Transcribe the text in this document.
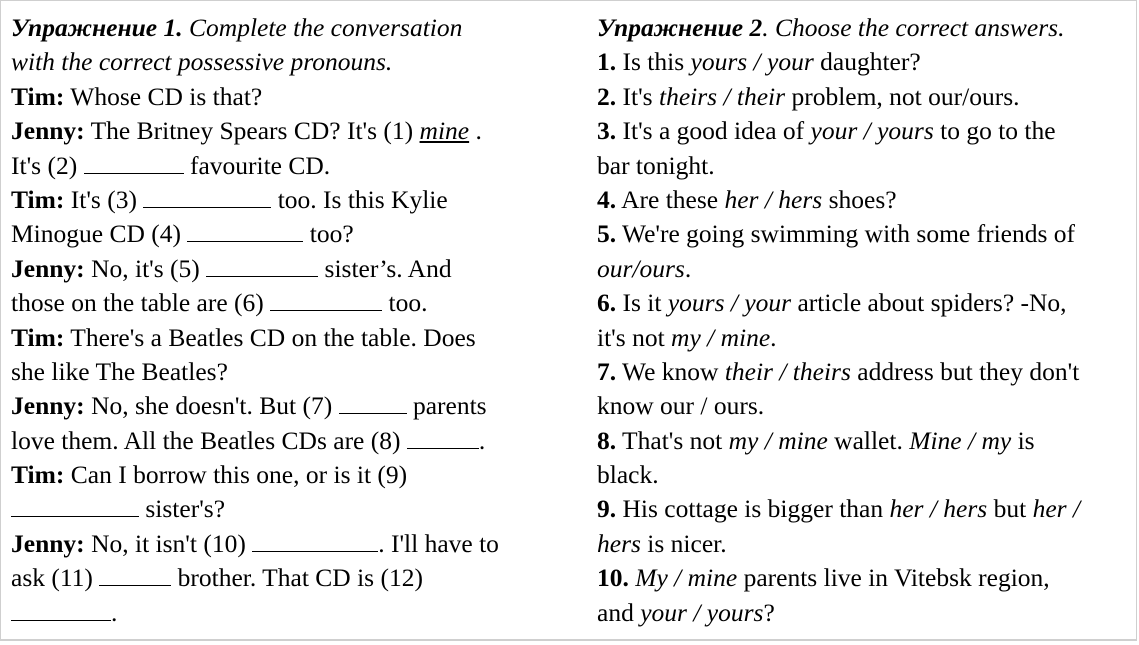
Упражнение 1. Complete the conversation
with the correct possessive pronouns.
Tim: Whose CD is that?
Jenny: The Britney Spears CD? It's (1) mine .
It's (2)	favourite CD.
Tim: It's (3)	too. Is this Kylie
Minogue CD (4)	too?
Jenny: No, it's (5)	sister’s. And
those on the table are (6)	too.
Tim: There's a Beatles CD on the table. Does
she like The Beatles?
Jenny: No, she doesn't. But (7)	parents
love them. All the Beatles CDs are (8)	.
Tim: Can I borrow this one, or is it (9)
sister's?
Jenny: No, it isn't (10)	. I'll have to
ask (11)	brother. That CD is (12)
.
Упражнение 2. Choose the correct answers.
1. Is this yours / your daughter?
2. It's theirs / their problem, not our/ours.
3. It's a good idea of your / yours to go to the
bar tonight.
4. Are these her / hers shoes?
5. We're going swimming with some friends of
our/ours.
6. Is it yours / your article about spiders? -No,
it's not my / mine.
7. We know their / theirs address but they don't
know our / ours.
8. That's not my / mine wallet. Mine / my is
black.
9. His cottage is bigger than her / hers but her /
hers is nicer.
10. My / mine parents live in Vitebsk region,
and your / yours?
